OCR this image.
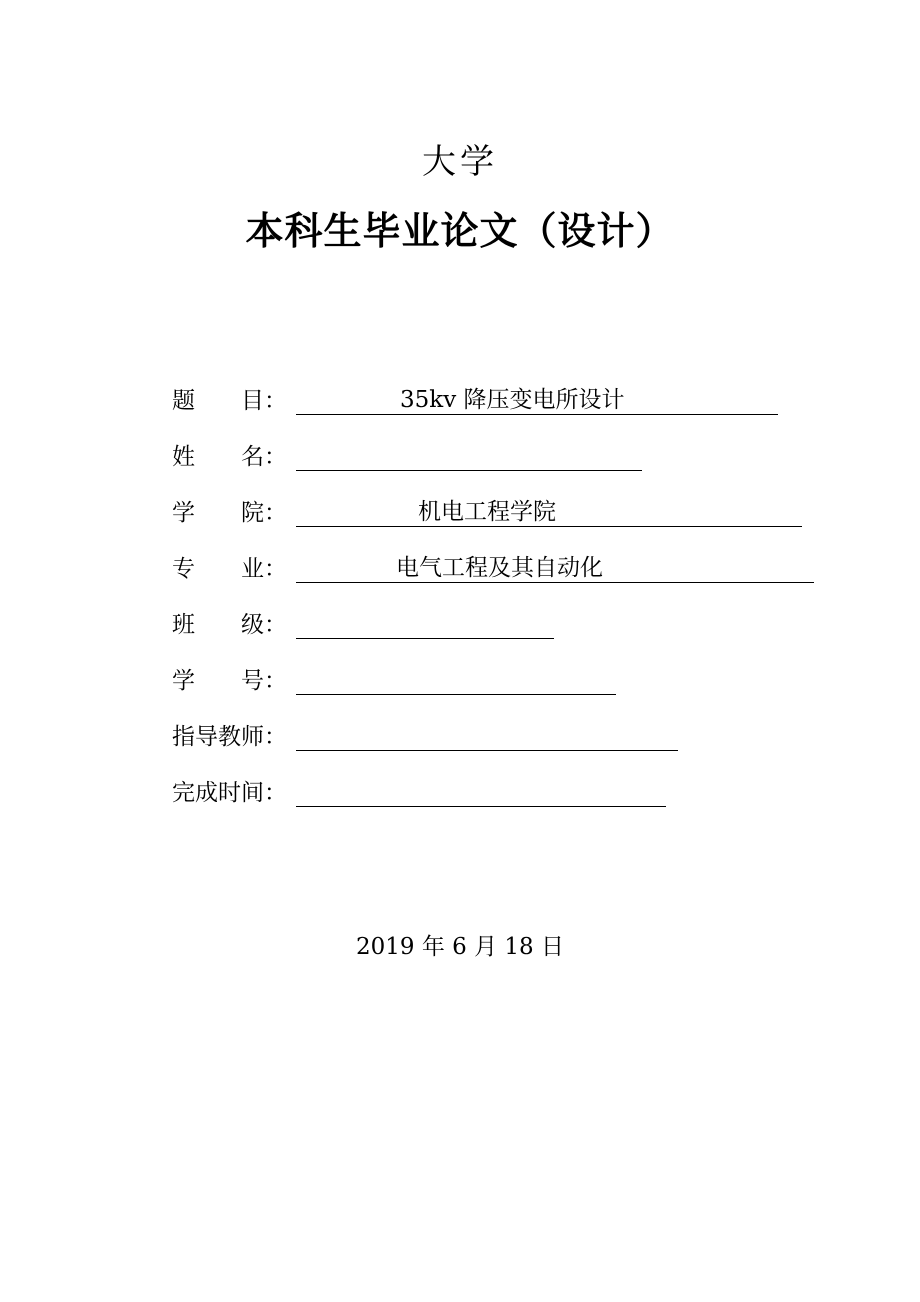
大学
本科生毕业论文（设计）
题　　目：	35kv 降压变电所设计
姓　　名：
学　　院：	机电工程学院
专　　业：	电气工程及其自动化
班　　级：
学　　号：
指导教师：
完成时间：
2019 年 6 月 18 日
